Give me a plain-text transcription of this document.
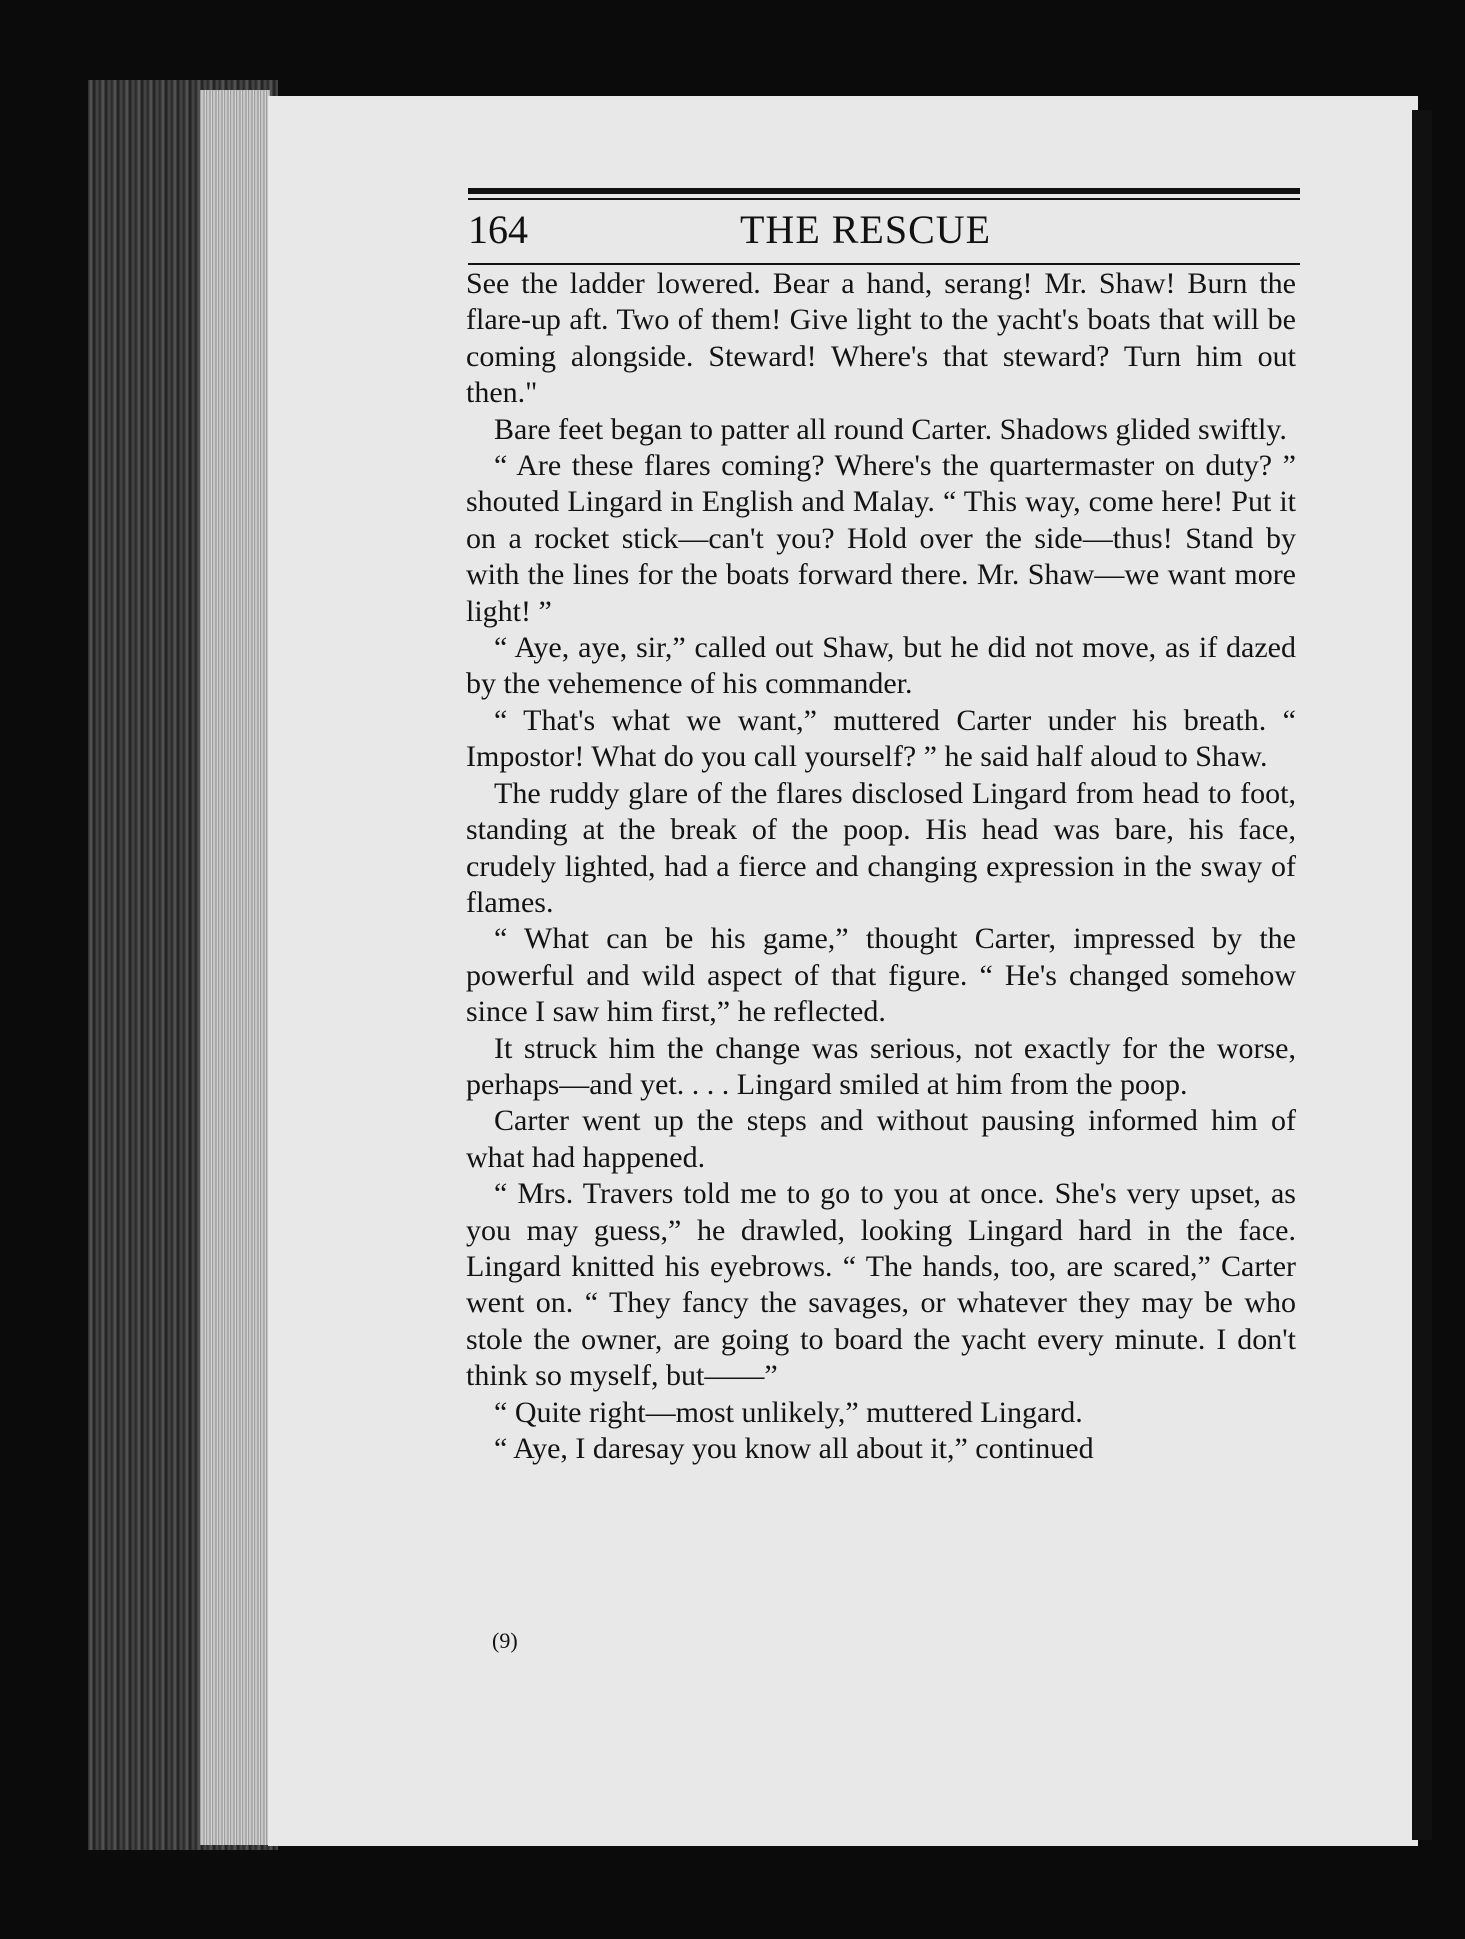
164	THE RESCUE

See the ladder lowered. Bear a hand, serang! Mr. Shaw! Burn the flare-up aft. Two of them! Give light to the yacht's boats that will be coming alongside. Steward! Where's that steward? Turn him out then."

Bare feet began to patter all round Carter. Shadows glided swiftly.

“ Are these flares coming? Where's the quartermaster on duty? ” shouted Lingard in English and Malay. “ This way, come here! Put it on a rocket stick—can't you? Hold over the side—thus! Stand by with the lines for the boats forward there. Mr. Shaw—we want more light! ”

“ Aye, aye, sir,” called out Shaw, but he did not move, as if dazed by the vehemence of his commander.

“ That's what we want,” muttered Carter under his breath. “ Impostor! What do you call yourself? ” he said half aloud to Shaw.

The ruddy glare of the flares disclosed Lingard from head to foot, standing at the break of the poop. His head was bare, his face, crudely lighted, had a fierce and changing expression in the sway of flames.

“ What can be his game,” thought Carter, impressed by the powerful and wild aspect of that figure. “ He's changed somehow since I saw him first,” he reflected.

It struck him the change was serious, not exactly for the worse, perhaps—and yet. . . . Lingard smiled at him from the poop.

Carter went up the steps and without pausing informed him of what had happened.

“ Mrs. Travers told me to go to you at once. She's very upset, as you may guess,” he drawled, looking Lingard hard in the face. Lingard knitted his eyebrows. “ The hands, too, are scared,” Carter went on. “ They fancy the savages, or whatever they may be who stole the owner, are going to board the yacht every minute. I don't think so myself, but——”

“ Quite right—most unlikely,” muttered Lingard.

“ Aye, I daresay you know all about it,” continued

(9)
